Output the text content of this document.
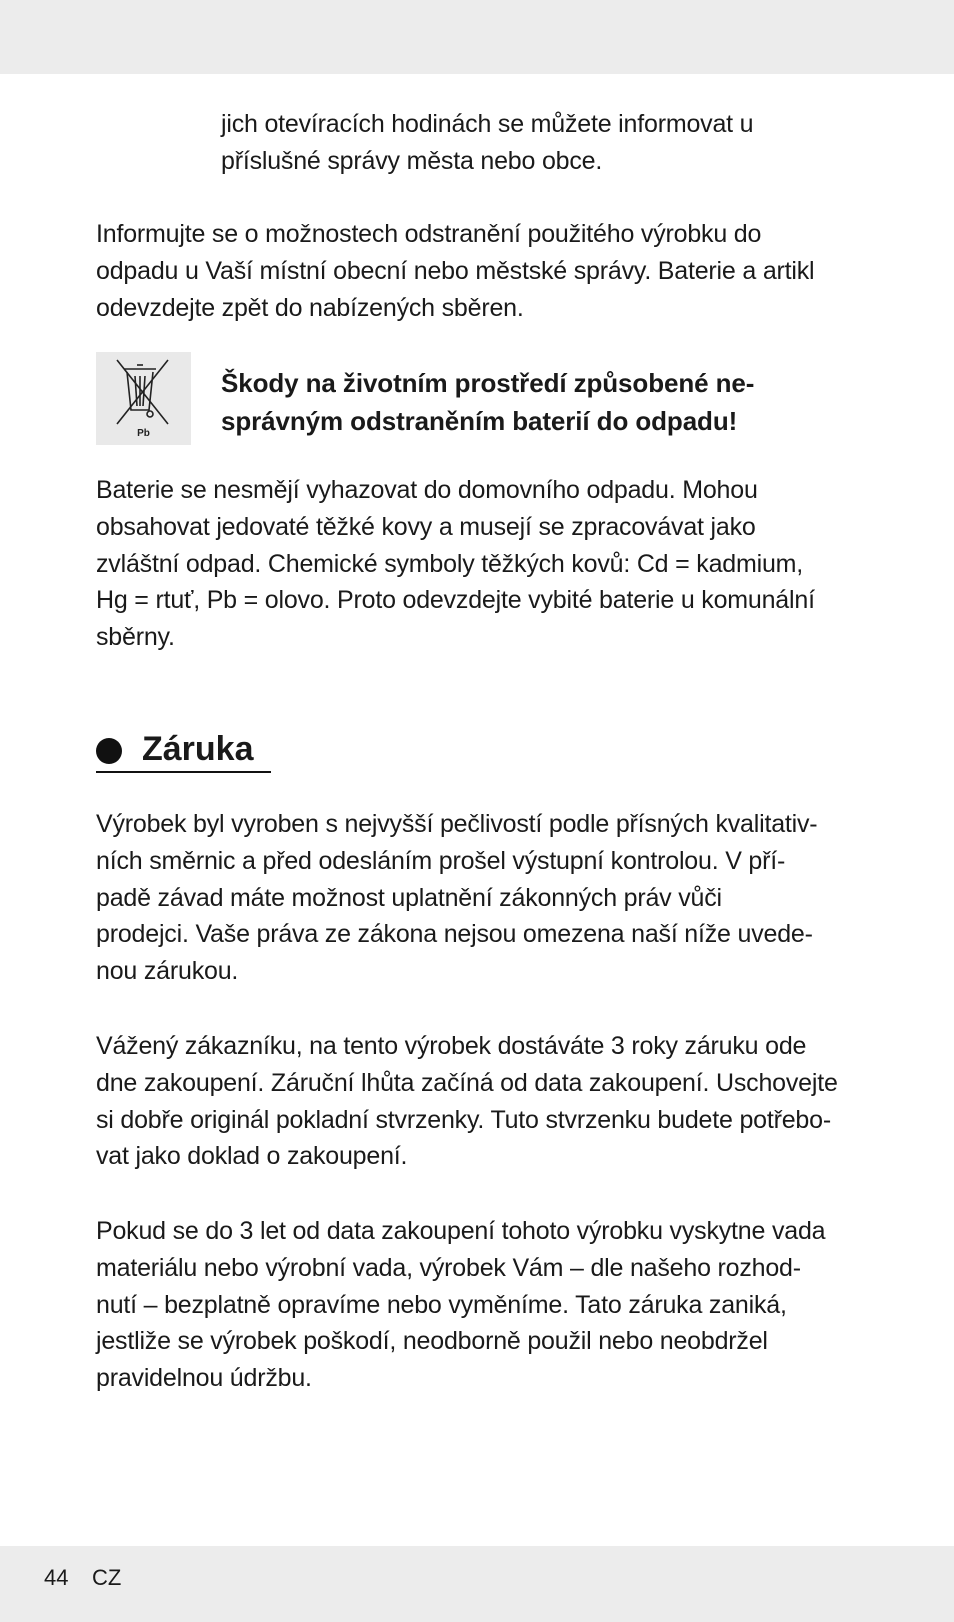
jich otevíracích hodinách se můžete informovat u
příslušné správy města nebo obce.
Informujte se o možnostech odstranění použitého výrobku do
odpadu u Vaší místní obecní nebo městské správy. Baterie a artikl
odevzdejte zpět do nabízených sběren.
Pb
Škody na životním prostředí způsobené ne-
správným odstraněním baterií do odpadu!
Baterie se nesmějí vyhazovat do domovního odpadu. Mohou
obsahovat jedovaté těžké kovy a musejí se zpracovávat jako
zvláštní odpad. Chemické symboly těžkých kovů: Cd = kadmium,
Hg = rtuť, Pb = olovo. Proto odevzdejte vybité baterie u komunální
sběrny.
Záruka
Výrobek byl vyroben s nejvyšší pečlivostí podle přísných kvalitativ-
ních směrnic a před odesláním prošel výstupní kontrolou. V pří-
padě závad máte možnost uplatnění zákonných práv vůči
prodejci. Vaše práva ze zákona nejsou omezena naší níže uvede-
nou zárukou.
Vážený zákazníku, na tento výrobek dostáváte 3 roky záruku ode
dne zakoupení. Záruční lhůta začíná od data zakoupení. Uschovejte
si dobře originál pokladní stvrzenky. Tuto stvrzenku budete potřebo-
vat jako doklad o zakoupení.
Pokud se do 3 let od data zakoupení tohoto výrobku vyskytne vada
materiálu nebo výrobní vada, výrobek Vám – dle našeho rozhod-
nutí – bezplatně opravíme nebo vyměníme. Tato záruka zaniká,
jestliže se výrobek poškodí, neodborně použil nebo neobdržel
pravidelnou údržbu.
44 CZ
